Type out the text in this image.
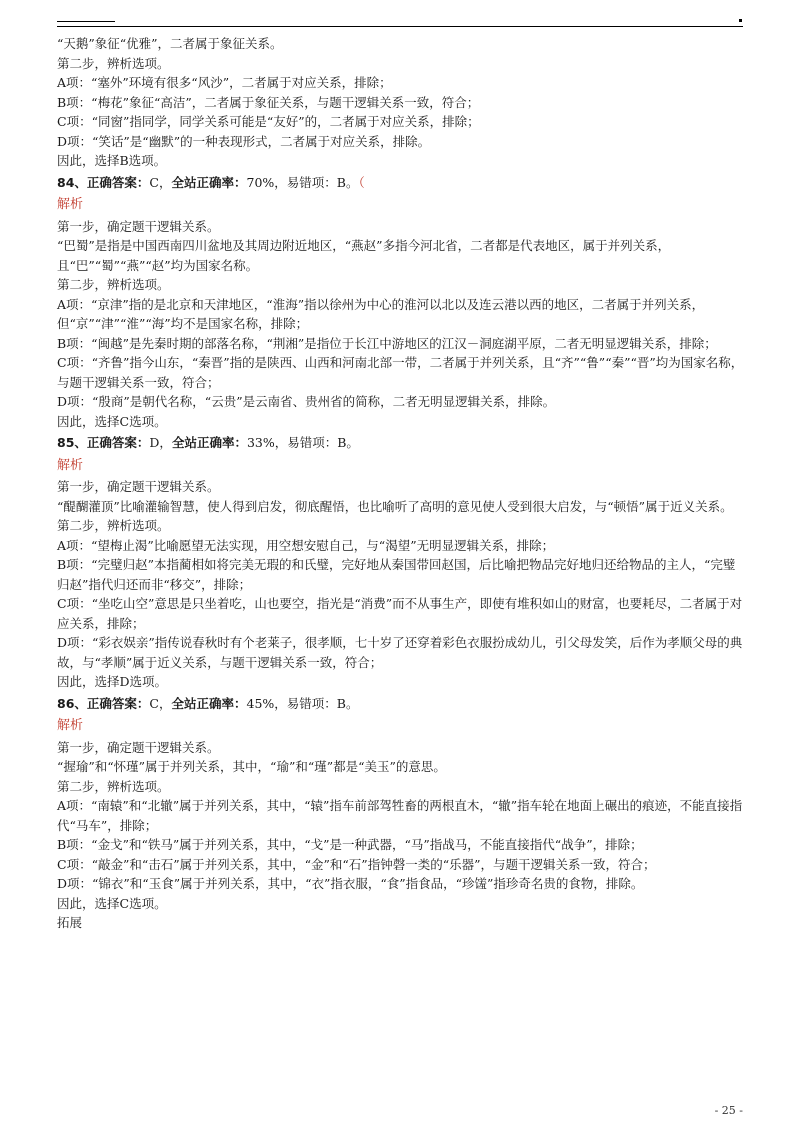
“天鹅”象征“优雅”，二者属于象征关系。

第二步，辨析选项。

A项：“塞外”环境有很多“风沙”，二者属于对应关系，排除；

B项：“梅花”象征“高洁”，二者属于象征关系，与题干逻辑关系一致，符合；

C项：“同窗”指同学，同学关系可能是“友好”的，二者属于对应关系，排除；

D项：“笑话”是“幽默”的一种表现形式，二者属于对应关系，排除。

因此，选择B选项。

84、正确答案：C，全站正确率：70%，易错项：B。（

解析

第一步，确定题干逻辑关系。

“巴蜀”是指是中国西南四川盆地及其周边附近地区，“燕赵”多指今河北省，二者都是代表地区，属于并列关系，且“巴”“蜀”“燕”“赵”均为国家名称。

第二步，辨析选项。

A项：“京津”指的是北京和天津地区，“淮海”指以徐州为中心的淮河以北以及连云港以西的地区，二者属于并列关系，但“京”“津”“淮”“海”均不是国家名称，排除；

B项：“闽越”是先秦时期的部落名称，“荆湘”是指位于长江中游地区的江汉－洞庭湖平原，二者无明显逻辑关系，排除；

C项：“齐鲁”指今山东，“秦晋”指的是陕西、山西和河南北部一带，二者属于并列关系，且“齐”“鲁”“秦”“晋”均为国家名称，与题干逻辑关系一致，符合；

D项：“殷商”是朝代名称，“云贵”是云南省、贵州省的简称，二者无明显逻辑关系，排除。

因此，选择C选项。

85、正确答案：D，全站正确率：33%，易错项：B。

解析

第一步，确定题干逻辑关系。

“醍醐灌顶”比喻灌输智慧，使人得到启发，彻底醒悟，也比喻听了高明的意见使人受到很大启发，与“顿悟”属于近义关系。

第二步，辨析选项。

A项：“望梅止渴”比喻愿望无法实现，用空想安慰自己，与“渴望”无明显逻辑关系，排除；

B项：“完璧归赵”本指蔺相如将完美无瑕的和氏璧，完好地从秦国带回赵国，后比喻把物品完好地归还给物品的主人，“完璧归赵”指代归还而非“移交”，排除；

C项：“坐吃山空”意思是只坐着吃，山也要空，指光是“消费”而不从事生产，即使有堆积如山的财富，也要耗尽，二者属于对应关系，排除；

D项：“彩衣娱亲”指传说春秋时有个老莱子，很孝顺，七十岁了还穿着彩色衣服扮成幼儿，引父母发笑，后作为孝顺父母的典故，与“孝顺”属于近义关系，与题干逻辑关系一致，符合；

因此，选择D选项。

86、正确答案：C，全站正确率：45%，易错项：B。

解析

第一步，确定题干逻辑关系。

“握瑜”和“怀瑾”属于并列关系，其中，“瑜”和“瑾”都是“美玉”的意思。

第二步，辨析选项。

A项：“南辕”和“北辙”属于并列关系，其中，“辕”指车前部驾牲畜的两根直木，“辙”指车轮在地面上碾出的痕迹，不能直接指代“马车”，排除；

B项：“金戈”和“铁马”属于并列关系，其中，“戈”是一种武器，“马”指战马，不能直接指代“战争”，排除；

C项：“敲金”和“击石”属于并列关系，其中，“金”和“石”指钟磬一类的“乐器”，与题干逻辑关系一致，符合；

D项：“锦衣”和“玉食”属于并列关系，其中，“衣”指衣服，“食”指食品，“珍馐”指珍奇名贵的食物，排除。

因此，选择C选项。

拓展

- 25 -
